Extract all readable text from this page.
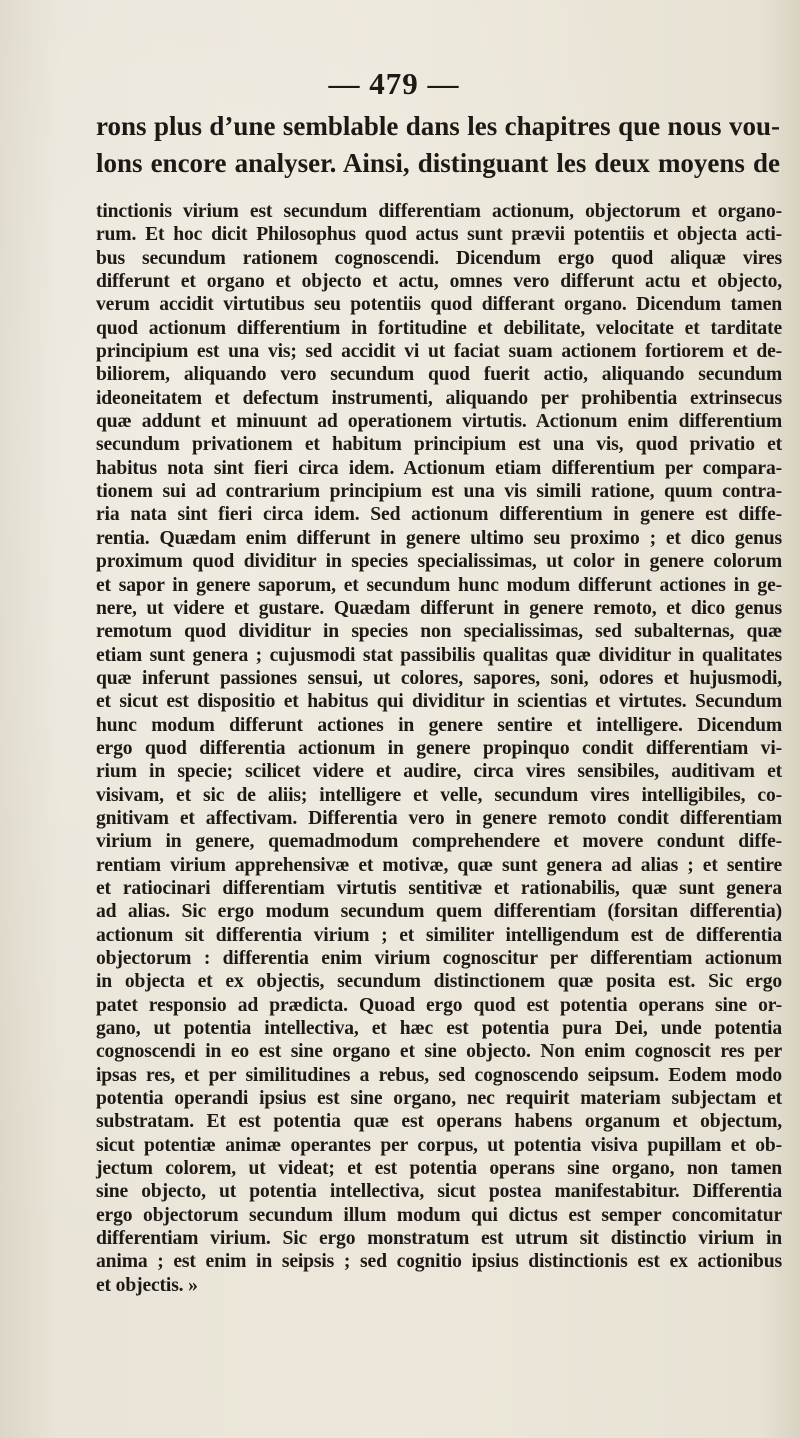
— 479 —
rons plus d’une semblable dans les chapitres que nous vou-
lons encore analyser. Ainsi, distinguant les deux moyens de
tinctionis virium est secundum differentiam actionum, objectorum et organo-
rum. Et hoc dicit Philosophus quod actus sunt prævii potentiis et objecta acti-
bus secundum rationem cognoscendi. Dicendum ergo quod aliquæ vires
differunt et organo et objecto et actu, omnes vero differunt actu et objecto,
verum accidit virtutibus seu potentiis quod differant organo. Dicendum tamen
quod actionum differentium in fortitudine et debilitate, velocitate et tarditate
principium est una vis; sed accidit vi ut faciat suam actionem fortiorem et de-
biliorem, aliquando vero secundum quod fuerit actio, aliquando secundum
ideoneitatem et defectum instrumenti, aliquando per prohibentia extrinsecus
quæ addunt et minuunt ad operationem virtutis. Actionum enim differentium
secundum privationem et habitum principium est una vis, quod privatio et
habitus nota sint fieri circa idem. Actionum etiam differentium per compara-
tionem sui ad contrarium principium est una vis simili ratione, quum contra-
ria nata sint fieri circa idem. Sed actionum differentium in genere est diffe-
rentia. Quædam enim differunt in genere ultimo seu proximo ; et dico genus
proximum quod dividitur in species specialissimas, ut color in genere colorum
et sapor in genere saporum, et secundum hunc modum differunt actiones in ge-
nere, ut videre et gustare. Quædam differunt in genere remoto, et dico genus
remotum quod dividitur in species non specialissimas, sed subalternas, quæ
etiam sunt genera ; cujusmodi stat passibilis qualitas quæ dividitur in qualitates
quæ inferunt passiones sensui, ut colores, sapores, soni, odores et hujusmodi,
et sicut est dispositio et habitus qui dividitur in scientias et virtutes. Secundum
hunc modum differunt actiones in genere sentire et intelligere. Dicendum
ergo quod differentia actionum in genere propinquo condit differentiam vi-
rium in specie; scilicet videre et audire, circa vires sensibiles, auditivam et
visivam, et sic de aliis; intelligere et velle, secundum vires intelligibiles, co-
gnitivam et affectivam. Differentia vero in genere remoto condit differentiam
virium in genere, quemadmodum comprehendere et movere condunt diffe-
rentiam virium apprehensivæ et motivæ, quæ sunt genera ad alias ; et sentire
et ratiocinari differentiam virtutis sentitivæ et rationabilis, quæ sunt genera
ad alias. Sic ergo modum secundum quem differentiam (forsitan differentia)
actionum sit differentia virium ; et similiter intelligendum est de differentia
objectorum : differentia enim virium cognoscitur per differentiam actionum
in objecta et ex objectis, secundum distinctionem quæ posita est. Sic ergo
patet responsio ad prædicta. Quoad ergo quod est potentia operans sine or-
gano, ut potentia intellectiva, et hæc est potentia pura Dei, unde potentia
cognoscendi in eo est sine organo et sine objecto. Non enim cognoscit res per
ipsas res, et per similitudines a rebus, sed cognoscendo seipsum. Eodem modo
potentia operandi ipsius est sine organo, nec requirit materiam subjectam et
substratam. Et est potentia quæ est operans habens organum et objectum,
sicut potentiæ animæ operantes per corpus, ut potentia visiva pupillam et ob-
jectum colorem, ut videat; et est potentia operans sine organo, non tamen
sine objecto, ut potentia intellectiva, sicut postea manifestabitur. Differentia
ergo objectorum secundum illum modum qui dictus est semper concomitatur
differentiam virium. Sic ergo monstratum est utrum sit distinctio virium in
anima ; est enim in seipsis ; sed cognitio ipsius distinctionis est ex actionibus
et objectis. »
